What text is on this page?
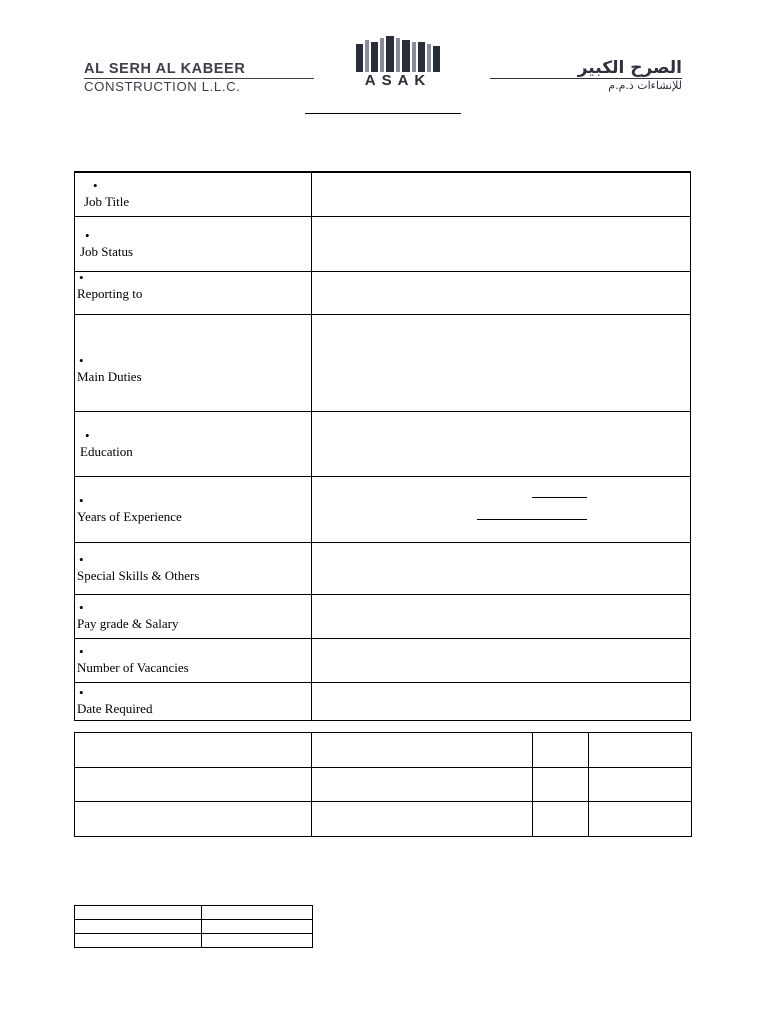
AL SERH AL KABEER
CONSTRUCTION L.L.C.	ASAK
الصرح الكبير
للإنشاءات ذ.م.م
•
Job Title	

•
Job Status	

•
Reporting to	

•
Main Duties	

•
Education	

•
Years of Experience	

•
Special Skills & Others	

•
Pay grade & Salary	

•
Number of Vacancies	

•
Date Required	
